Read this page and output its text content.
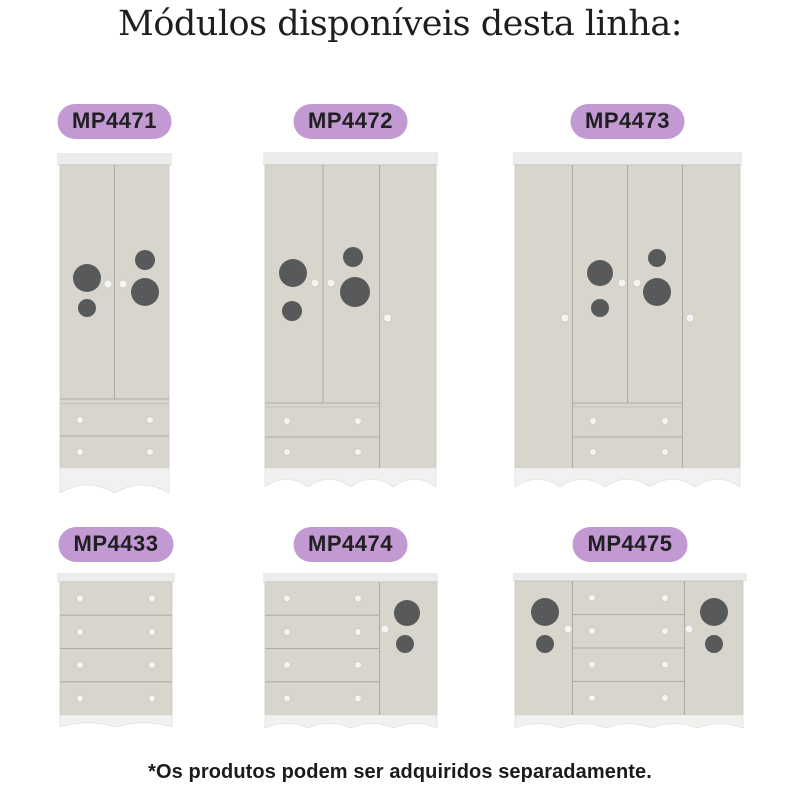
Módulos disponíveis desta linha:
MP4471	MP4472	MP4473
MP4433	MP4474	MP4475
*Os produtos podem ser adquiridos separadamente.
